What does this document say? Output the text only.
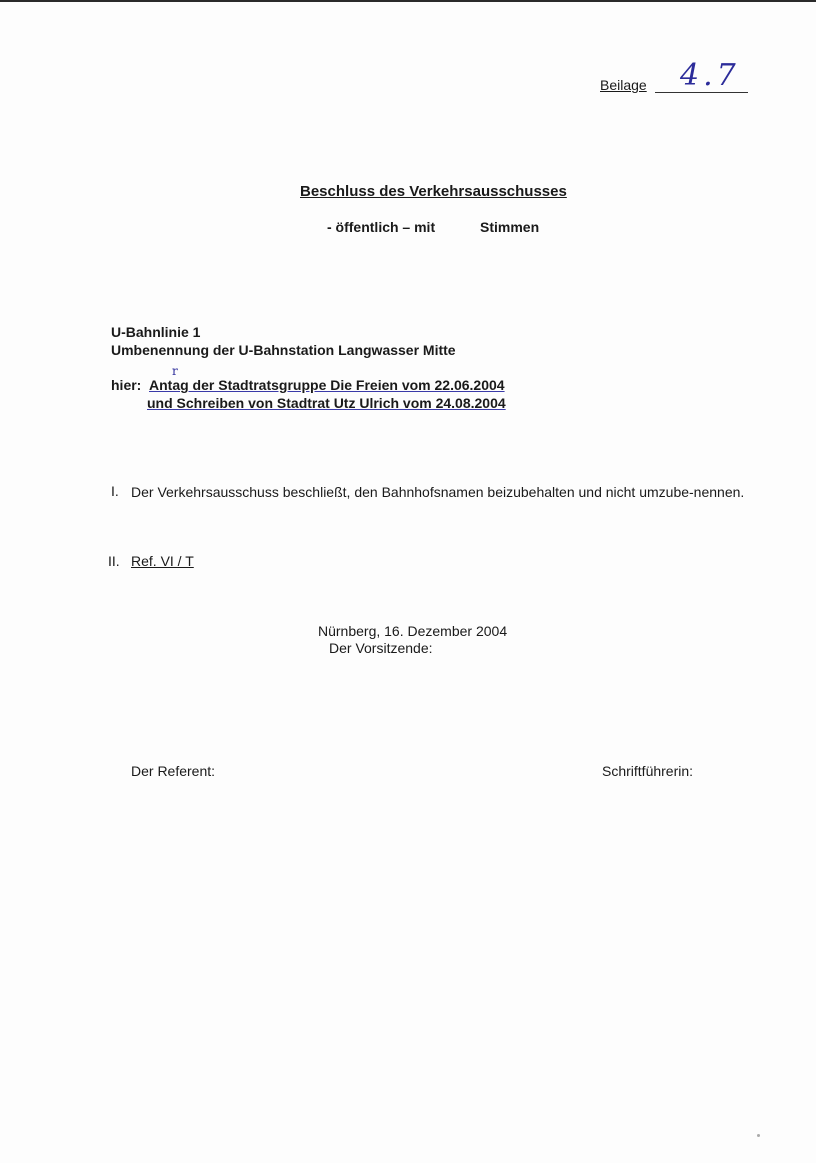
Beilage 4.7
Beschluss des Verkehrsausschusses
- öffentlich – mit	Stimmen
U-Bahnlinie 1
Umbenennung der U-Bahnstation Langwasser Mitte
hier:
r
Antag der Stadtratsgruppe Die Freien vom 22.06.2004
und Schreiben von Stadtrat Utz Ulrich vom 24.08.2004
I. Der Verkehrsausschuss beschließt, den Bahnhofsnamen beizubehalten und nicht umzube-nennen.
II. Ref. VI / T
Nürnberg, 16. Dezember 2004
Der Vorsitzende:
Der Referent:	Schriftführerin:
